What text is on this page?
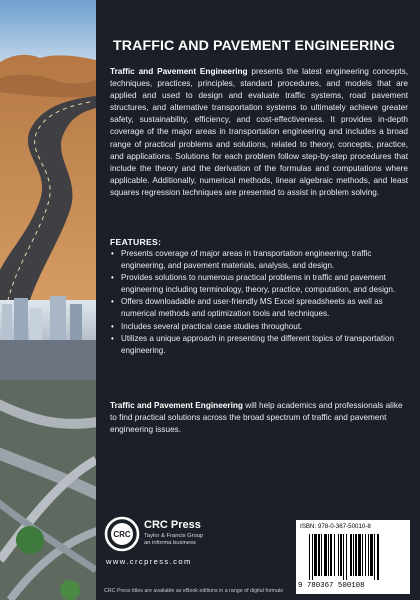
TRAFFIC AND PAVEMENT ENGINEERING
Traffic and Pavement Engineering presents the latest engineering concepts, techniques, practices, principles, standard procedures, and models that are applied and used to design and evaluate traffic systems, road pavement structures, and alternative transportation systems to ultimately achieve greater safety, sustainability, efficiency, and cost-effectiveness. It provides in-depth coverage of the major areas in transportation engineering and includes a broad range of practical problems and solutions, related to theory, concepts, practice, and applications. Solutions for each problem follow step-by-step procedures that include the theory and the derivation of the formulas and computations where applicable. Additionally, numerical methods, linear algebraic methods, and least squares regression techniques are presented to assist in problem solving.
FEATURES:
• Presents coverage of major areas in transportation engineering: traffic engineering, and pavement materials, analysis, and design.
• Provides solutions to numerous practical problems in traffic and pavement engineering including terminology, theory, practice, computation, and design.
• Offers downloadable and user-friendly MS Excel spreadsheets as well as numerical methods and optimization tools and techniques.
• Includes several practical case studies throughout.
• Utilizes a unique approach in presenting the different topics of transportation engineering.
Traffic and Pavement Engineering will help academics and professionals alike to find practical solutions across the broad spectrum of traffic and pavement engineering issues.
CRC
CRC Press
Taylor & Francis Group
an informa business
www.crcpress.com
CRC Press titles are available as eBook editions in a range of digital formats
ISBN: 978-0-367-50010-8
9 780367 500108
